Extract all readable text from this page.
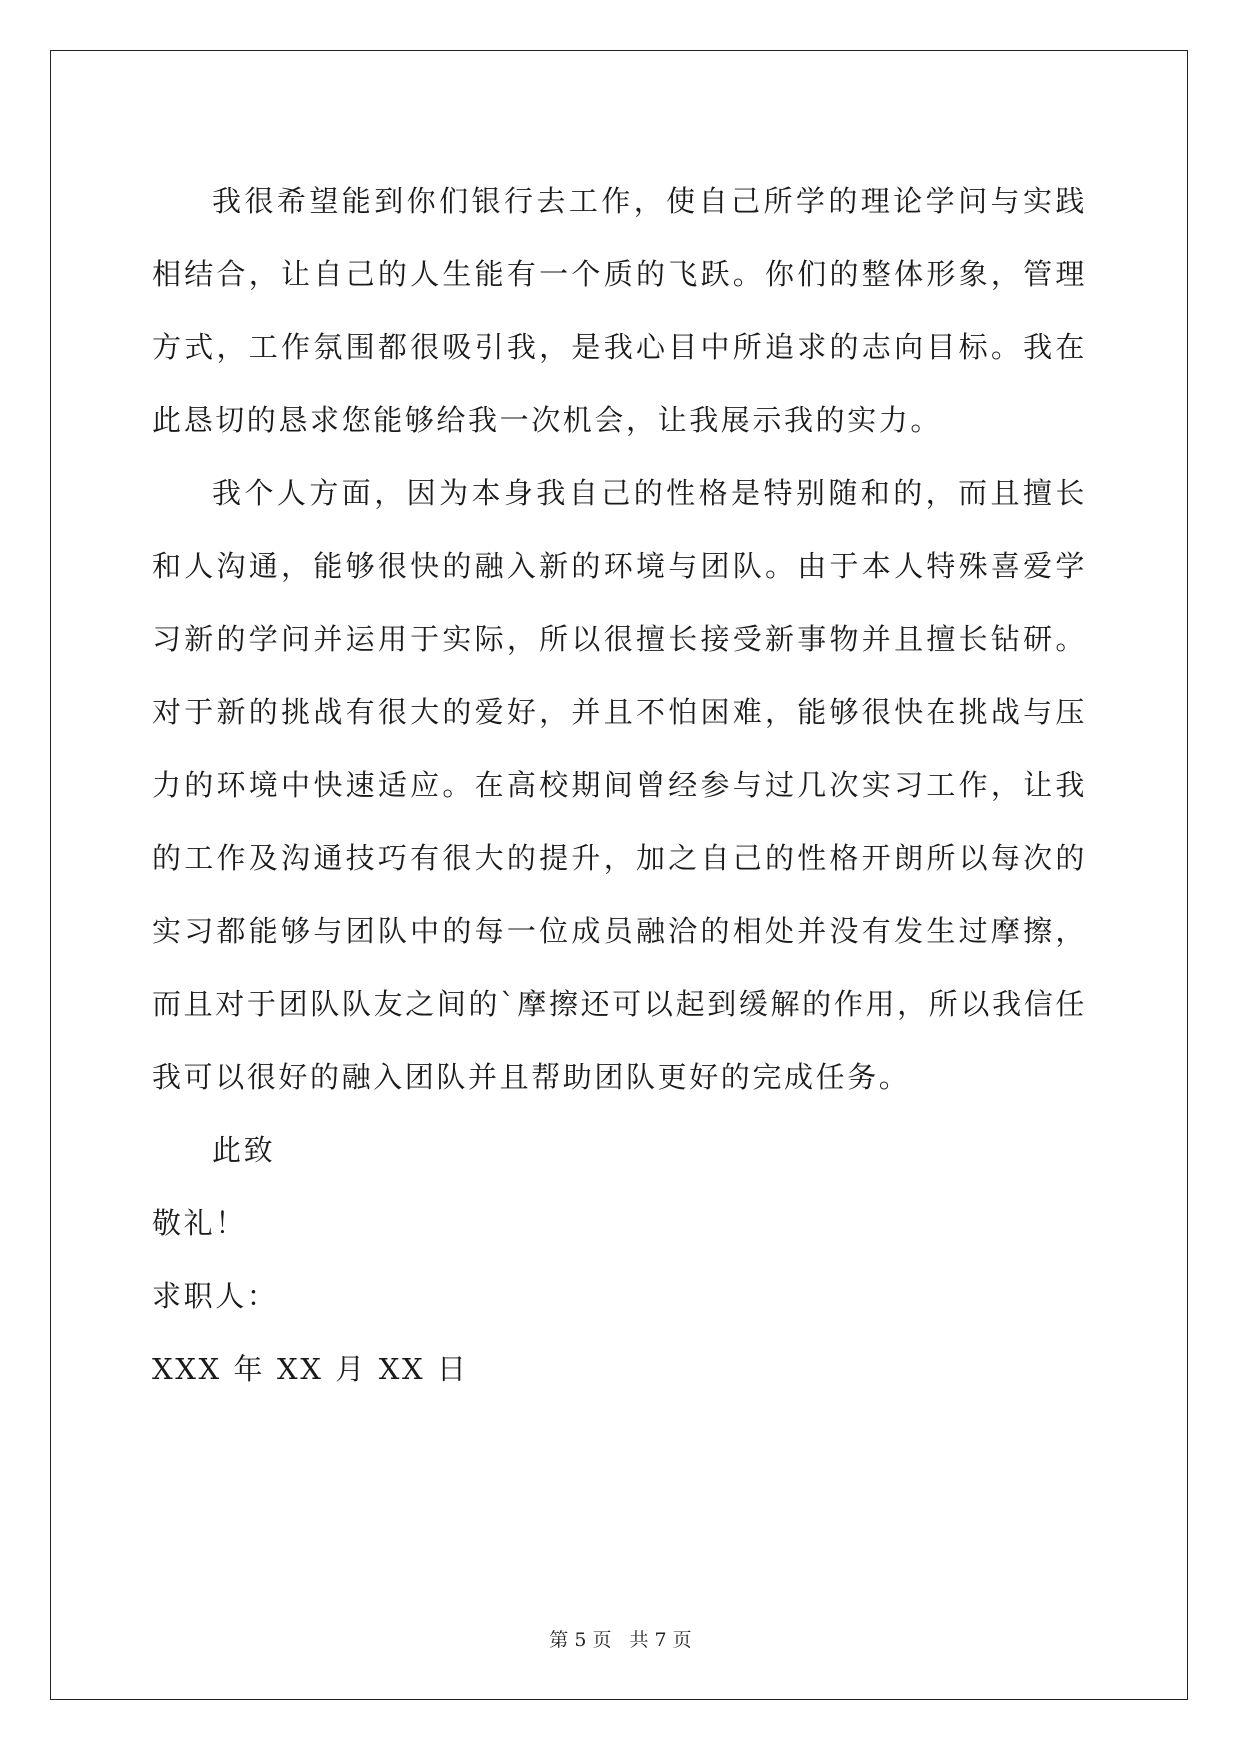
我很希望能到你们银行去工作，使自己所学的理论学问与实践相结合，让自己的人生能有一个质的飞跃。你们的整体形象，管理方式，工作氛围都很吸引我，是我心目中所追求的志向目标。我在此恳切的恳求您能够给我一次机会，让我展示我的实力。

我个人方面，因为本身我自己的性格是特别随和的，而且擅长和人沟通，能够很快的融入新的环境与团队。由于本人特殊喜爱学习新的学问并运用于实际，所以很擅长接受新事物并且擅长钻研。对于新的挑战有很大的爱好，并且不怕困难，能够很快在挑战与压力的环境中快速适应。在高校期间曾经参与过几次实习工作，让我的工作及沟通技巧有很大的提升，加之自己的性格开朗所以每次的实习都能够与团队中的每一位成员融洽的相处并没有发生过摩擦，而且对于团队队友之间的`摩擦还可以起到缓解的作用，所以我信任我可以很好的融入团队并且帮助团队更好的完成任务。

此致

敬礼！

求职人：

XXX 年 XX 月 XX 日

第 5 页 共 7 页
